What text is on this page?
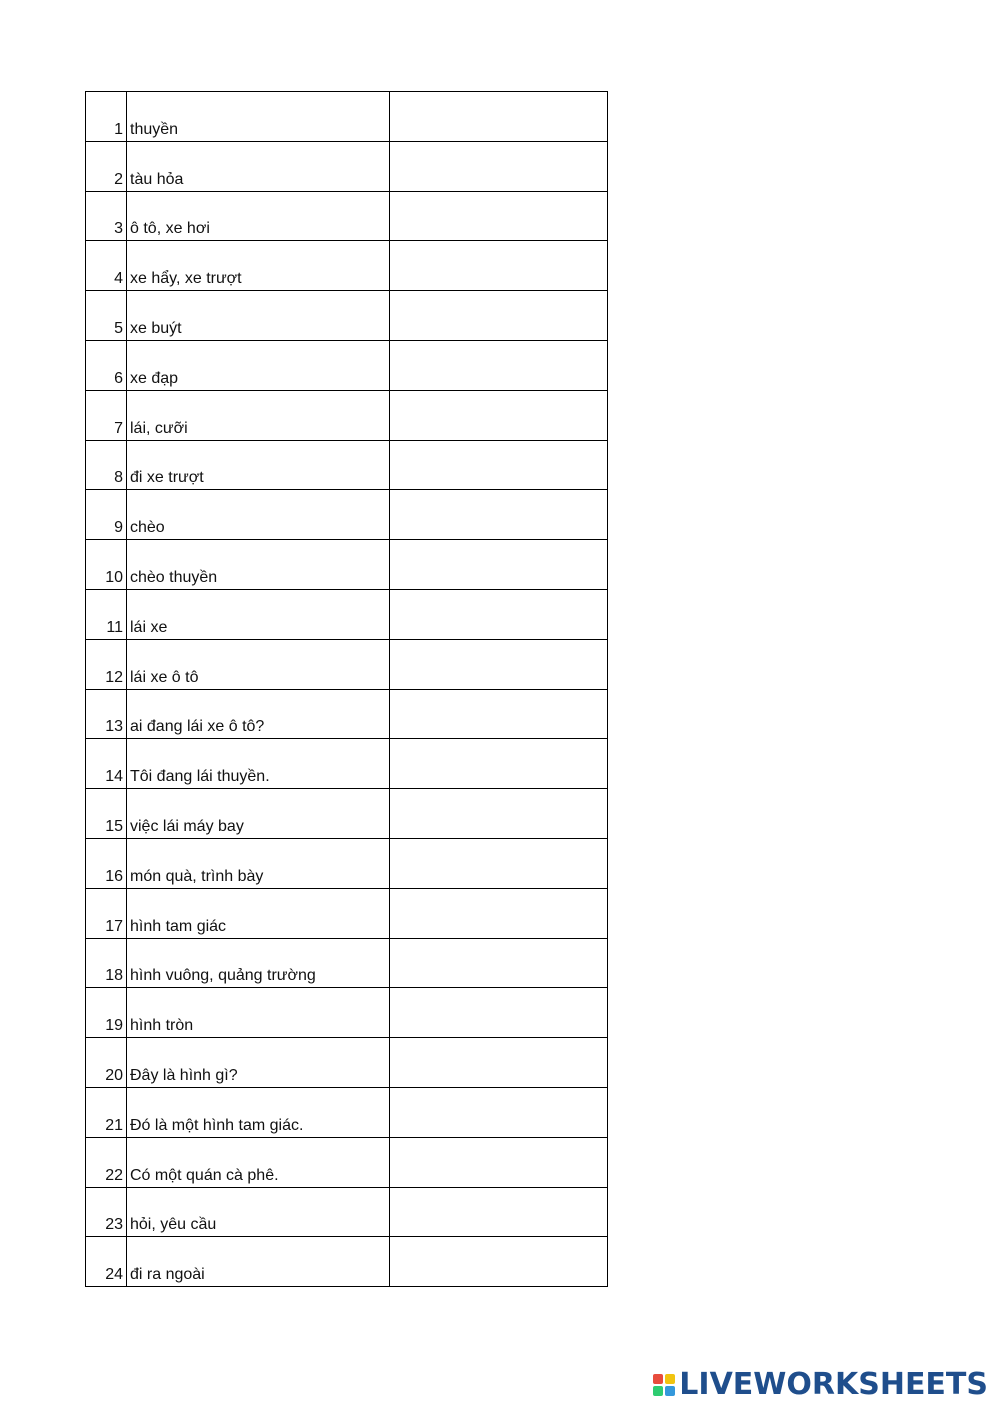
1	thuyền	
2	tàu hỏa	
3	ô tô, xe hơi	
4	xe hẩy, xe trượt	
5	xe buýt	
6	xe đạp	
7	lái, cưỡi	
8	đi xe trượt	
9	chèo	
10	chèo thuyền	
11	lái xe	
12	lái xe ô tô	
13	ai đang lái xe ô tô?	
14	Tôi đang lái thuyền.	
15	việc lái máy bay	
16	món quà, trình bày	
17	hình tam giác	
18	hình vuông, quảng trường	
19	hình tròn	
20	Đây là hình gì?	
21	Đó là một hình tam giác.	
22	Có một quán cà phê.	
23	hỏi, yêu cầu	
24	đi ra ngoài	
LIVEWORKSHEETS
